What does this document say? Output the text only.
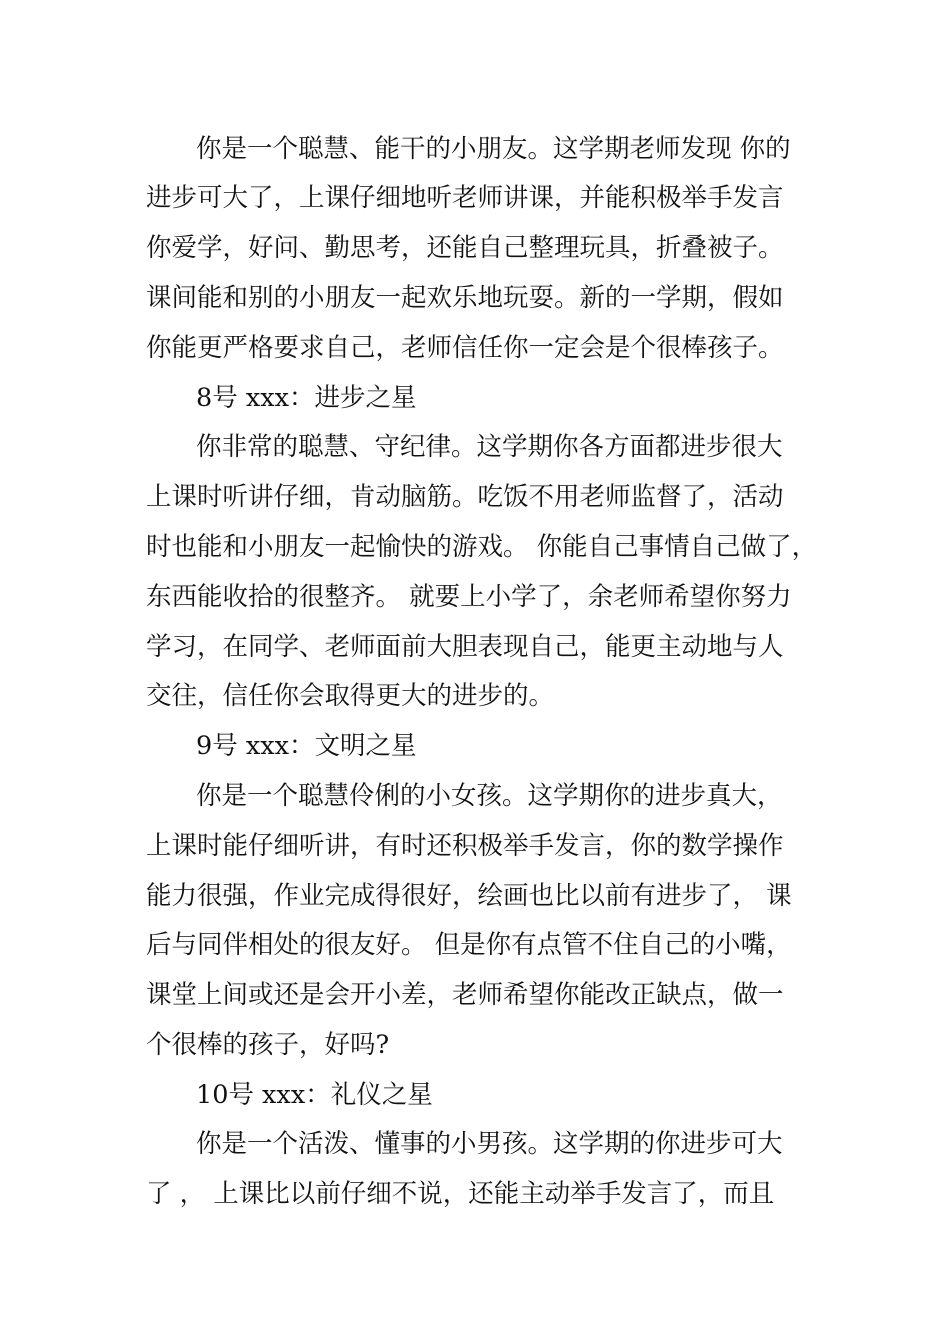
你是一个聪慧、能干的小朋友。这学期老师发现 你的
进步可大了，上课仔细地听老师讲课，并能积极举手发言
你爱学，好问、勤思考，还能自己整理玩具，折叠被子。
课间能和别的小朋友一起欢乐地玩耍。新的一学期，假如
你能更严格要求自己，老师信任你一定会是个很棒孩子。
8号 xxx：进步之星
你非常的聪慧、守纪律。这学期你各方面都进步很大
上课时听讲仔细，肯动脑筋。吃饭不用老师监督了，活动
时也能和小朋友一起愉快的游戏。 你能自己事情自己做了，
东西能收拾的很整齐。 就要上小学了，余老师希望你努力
学习，在同学、老师面前大胆表现自己，能更主动地与人
交往，信任你会取得更大的进步的。
9号 xxx：文明之星
你是一个聪慧伶俐的小女孩。这学期你的进步真大，
上课时能仔细听讲，有时还积极举手发言，你的数学操作
能力很强，作业完成得很好，绘画也比以前有进步了， 课
后与同伴相处的很友好。 但是你有点管不住自己的小嘴，
课堂上间或还是会开小差，老师希望你能改正缺点，做一
个很棒的孩子，好吗?
10号 xxx：礼仪之星
你是一个活泼、懂事的小男孩。这学期的你进步可大
了 ， 上课比以前仔细不说，还能主动举手发言了，而且
